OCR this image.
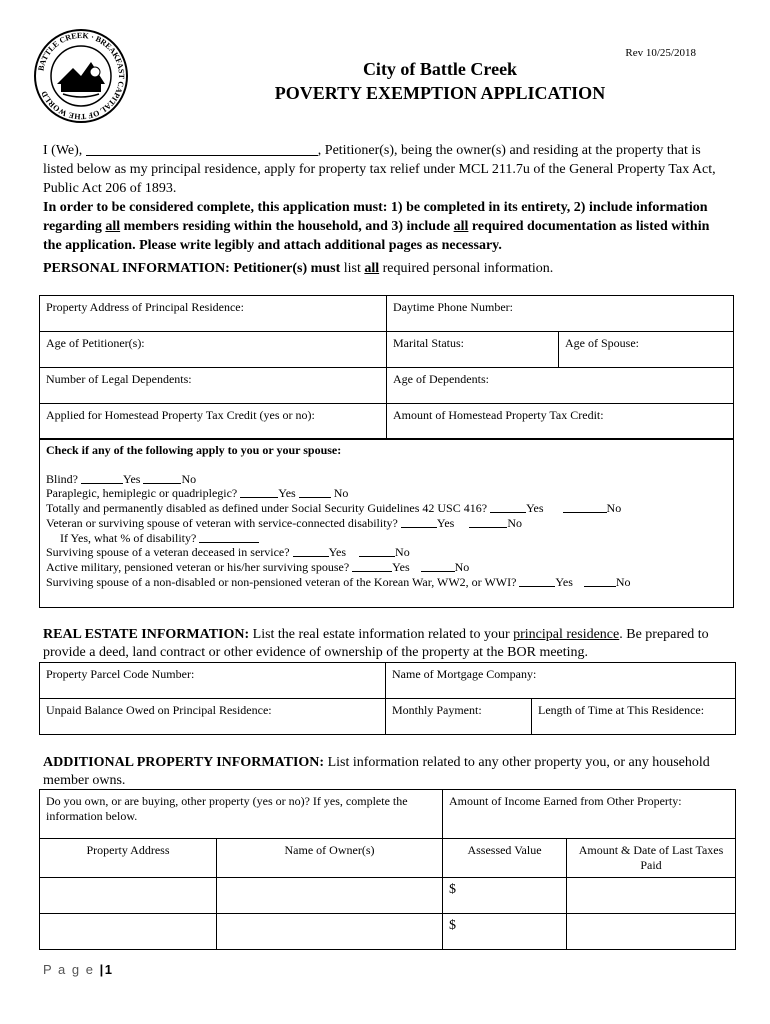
BATTLE CREEK · BREAKFAST CAPITAL OF THE WORLD
Rev 10/25/2018
City of Battle Creek
POVERTY EXEMPTION APPLICATION
I (We),	, Petitioner(s), being the owner(s) and residing at the property that is listed below as my principal residence, apply for property tax relief under MCL 211.7u of the General Property Tax Act, Public Act 206 of 1893.
In order to be considered complete, this application must: 1) be completed in its entirety, 2) include information regarding all members residing within the household, and 3) include all required documentation as listed within the application. Please write legibly and attach additional pages as necessary.
PERSONAL INFORMATION: Petitioner(s) must list all required personal information.
Property Address of Principal Residence:	Daytime Phone Number:	
Age of Petitioner(s):	Marital Status:	Age of Spouse:
Number of Legal Dependents:	Age of Dependents:	
Applied for Homestead Property Tax Credit (yes or no):	Amount of Homestead Property Tax Credit:	
Check if any of the following apply to you or your spouse:
Blind?	Yes	No
Paraplegic, hemiplegic or quadriplegic?	Yes	No
Totally and permanently disabled as defined under Social Security Guidelines 42 USC 416?	Yes	No
Veteran or surviving spouse of veteran with service-connected disability?	Yes	No
If Yes, what % of disability?
Surviving spouse of a veteran deceased in service?	Yes	No
Active military, pensioned veteran or his/her surviving spouse?	Yes	No
Surviving spouse of a non-disabled or non-pensioned veteran of the Korean War, WW2, or WWI?	Yes	No
REAL ESTATE INFORMATION: List the real estate information related to your principal residence. Be prepared to provide a deed, land contract or other evidence of ownership of the property at the BOR meeting.
Property Parcel Code Number:	Name of Mortgage Company:	
Unpaid Balance Owed on Principal Residence:	Monthly Payment:	Length of Time at This Residence:
ADDITIONAL PROPERTY INFORMATION: List information related to any other property you, or any household member owns.
Do you own, or are buying, other property (yes or no)? If yes, complete the information below.		Amount of Income Earned from Other Property:	
Property Address	Name of Owner(s)	Assessed Value	Amount & Date of Last Taxes Paid
		$	
		$	
P a g e |1
